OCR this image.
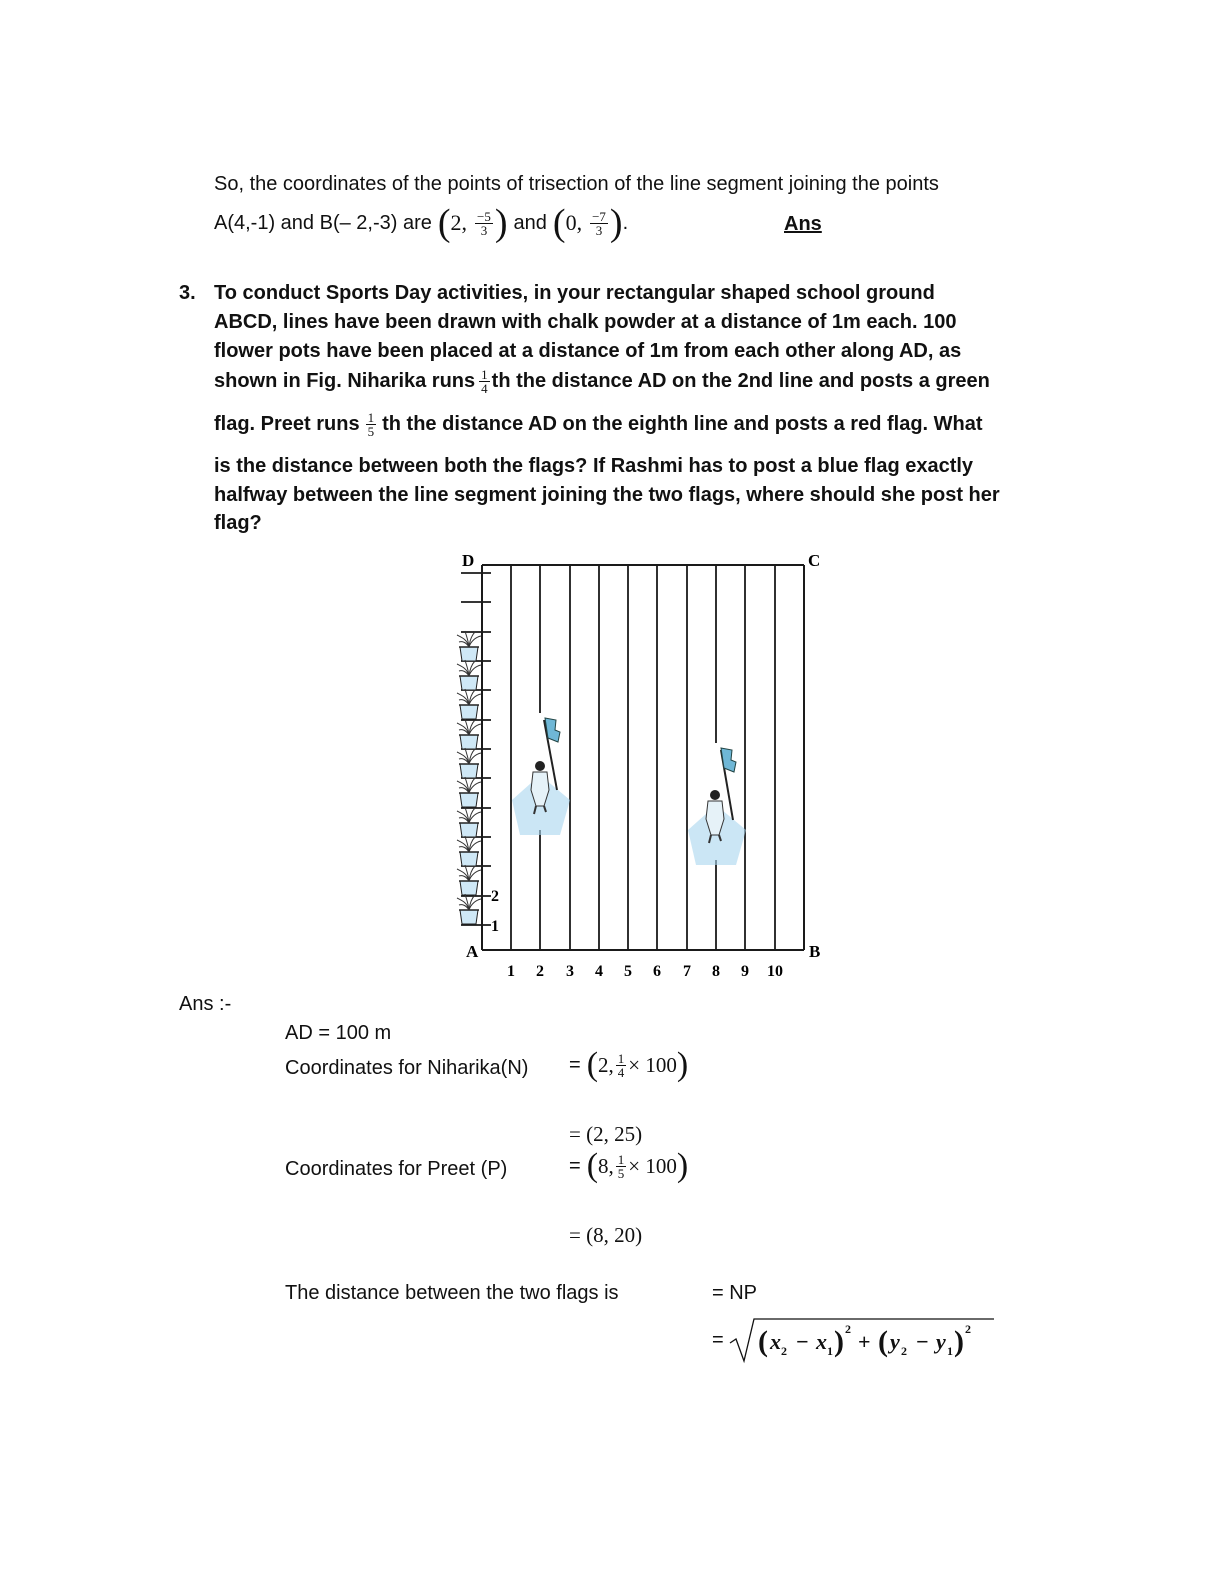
So, the coordinates of the points of trisection of the line segment joining the points
A(4,-1) and B(– 2,-3) are ( 2, $\frac{-5}{3}$ ) and ( 0, $\frac{-7}{3}$ ) .	Ans
3. To conduct Sports Day activities, in your rectangular shaped school ground
ABCD, lines have been drawn with chalk powder at a distance of 1m each. 100
flower pots have been placed at a distance of 1m from each other along AD, as
shown in Fig. Niharika runs $\frac{1}{4}$ th the distance AD on the 2nd line and posts a green
flag. Preet runs $\frac{1}{5}$ th the distance AD on the eighth line and posts a red flag. What
is the distance between both the flags? If Rashmi has to post a blue flag exactly
halfway between the line segment joining the two flags, where should she post her
flag?
D	C
A	B
1
2
1 2 3 4 5 6 7 8 9 10
Ans :-
AD = 100 m
Coordinates for Niharika(N) = ( 2, $\frac{1}{4} \times 100$ )
= (2, 25)
Coordinates for Preet (P)	= ( 8, $\frac{1}{5} \times 100$ )
= (8, 20)
The distance between the two flags is	= NP
= ( x 2 − x 1 ) 2 + ( y 2 − y 1 ) 2
